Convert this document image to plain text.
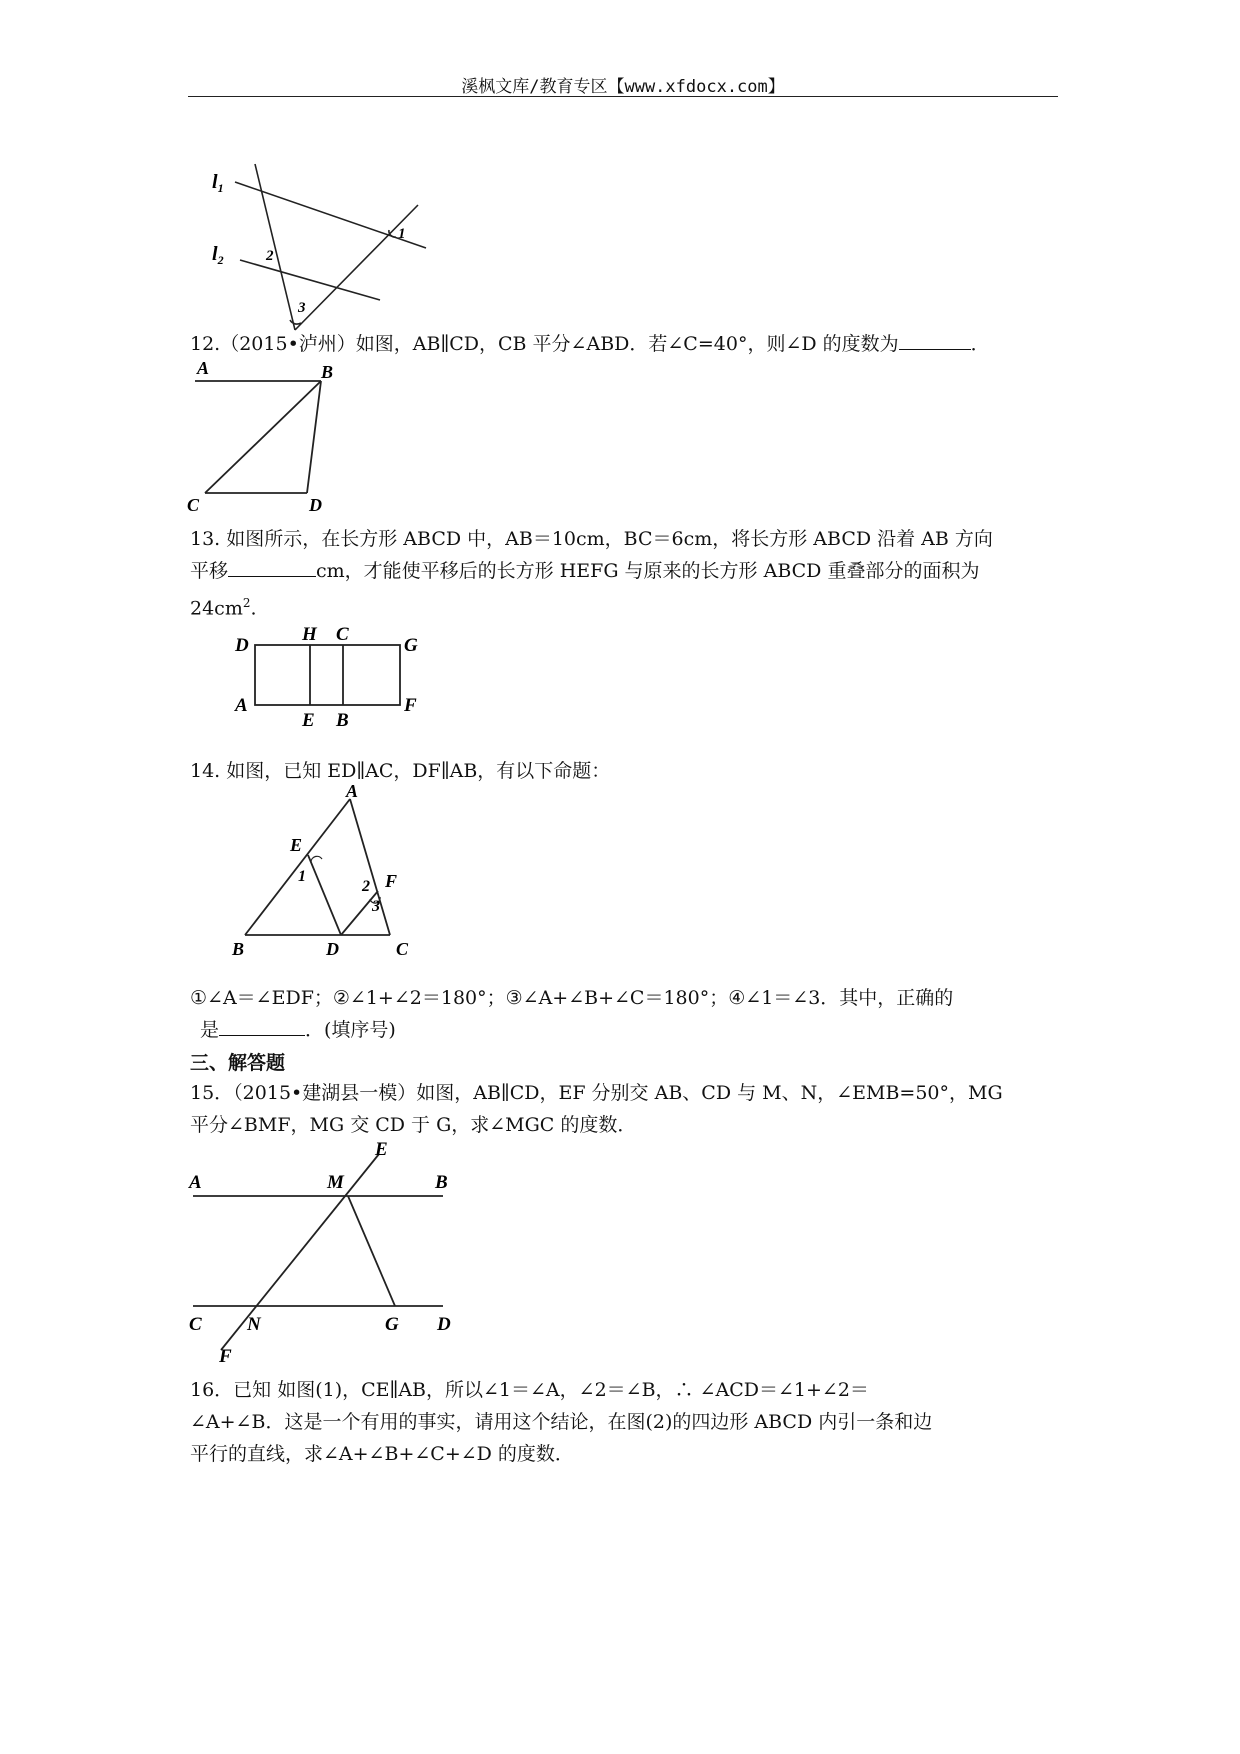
溪枫文库/教育专区【www.xfdocx.com】
$l_1$
$l_2$
1
2
3

12.（2015•泸州）如图，AB∥CD，CB 平分∠ABD．若∠C=40°，则∠D 的度数为	．

A	B
C	D

13. 如图所示，在长方形 ABCD 中，AB＝10cm，BC＝6cm，将长方形 ABCD 沿着 AB 方向

平移	cm，才能使平移后的长方形 HEFG 与原来的长方形 ABCD 重叠部分的面积为

$24cm^2$.

D
H C
G
A
E B
F

14. 如图，已知 ED∥AC，DF∥AB，有以下命题：

A
E
F
B	D	C
1
2
3

①∠A＝∠EDF；②∠1+∠2＝180°；③∠A+∠B+∠C＝180°；④∠1＝∠3．其中，正确的

是	．(填序号)

三、解答题

15．（2015•建湖县一模）如图，AB∥CD，EF 分别交 AB、CD 与 M、N，∠EMB=50°，MG

平分∠BMF，MG 交 CD 于 G，求∠MGC 的度数．

E
A	M	B
C N	G D
F

16．已知 如图(1)，CE∥AB，所以∠1＝∠A，∠2＝∠B，∴ ∠ACD＝∠1+∠2＝

∠A+∠B．这是一个有用的事实，请用这个结论，在图(2)的四边形 ABCD 内引一条和边

平行的直线，求∠A+∠B+∠C+∠D 的度数．
